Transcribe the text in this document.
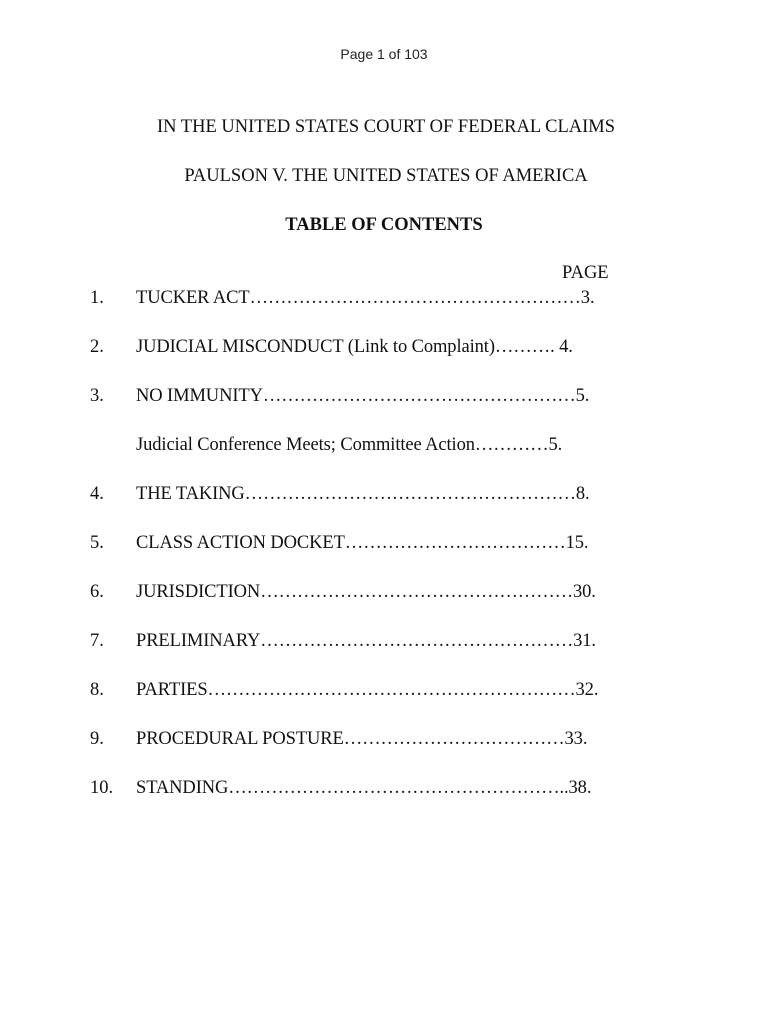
Page 1 of 103
IN THE UNITED STATES COURT OF FEDERAL CLAIMS
PAULSON V. THE UNITED STATES OF AMERICA
TABLE OF CONTENTS
PAGE
1. TUCKER ACT………………………………………………3.
2. JUDICIAL MISCONDUCT (Link to Complaint)………. 4.
3. NO IMMUNITY……………………………………………5.
Judicial Conference Meets; Committee Action…………5.
4. THE TAKING………………………………………………8.
5. CLASS ACTION DOCKET………………………………15.
6. JURISDICTION……………………………………………30.
7. PRELIMINARY……………………………………………31.
8. PARTIES……………………………………………………32.
9. PROCEDURAL POSTURE………………………………33.
10. STANDING………………………………………………..38.
